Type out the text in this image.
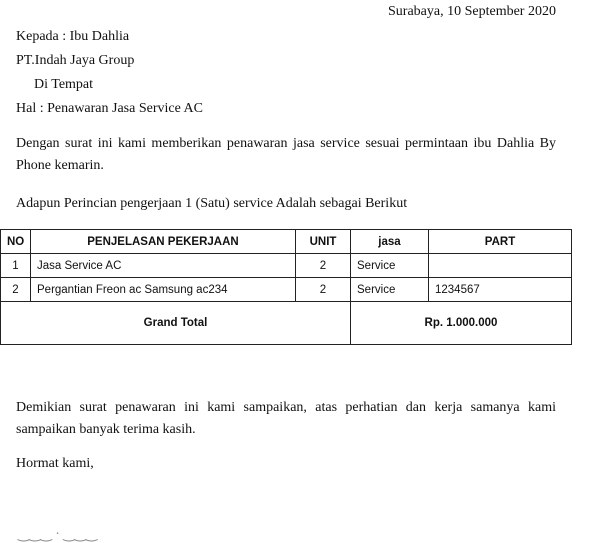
Surabaya, 10 September 2020
Kepada : Ibu Dahlia
PT.Indah Jaya Group
Di Tempat
Hal : Penawaran Jasa Service AC
Dengan surat ini kami memberikan penawaran jasa service sesuai permintaan ibu Dahlia By Phone kemarin.
Adapun Perincian pengerjaan 1 (Satu) service Adalah sebagai Berikut
NO	PENJELASAN PEKERJAAN	UNIT	jasa	PART
1	Jasa Service AC	2	Service	
2	Pergantian Freon ac Samsung ac234	2	Service	1234567
Grand Total			Rp. 1.000.000	
Demikian surat penawaran ini kami sampaikan, atas perhatian dan kerja samanya kami sampaikan banyak terima kasih.
Hormat kami,
‿‿‿ · ‿‿‿
